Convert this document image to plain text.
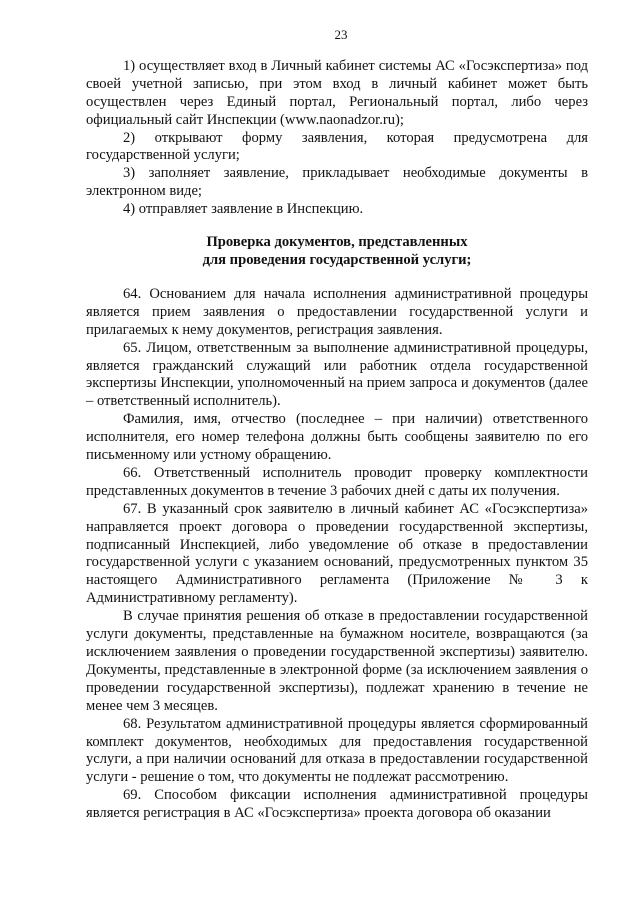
23

1) осуществляет вход в Личный кабинет системы АС «Госэкспертиза» под своей учетной записью, при этом вход в личный кабинет может быть осуществлен через Единый портал, Региональный портал, либо через официальный сайт Инспекции (www.naonadzor.ru);

2) открывают форму заявления, которая предусмотрена для государственной услуги;

3) заполняет заявление, прикладывает необходимые документы в электронном виде;

4) отправляет заявление в Инспекцию.

Проверка документов, представленных
для проведения государственной услуги;

64. Основанием для начала исполнения административной процедуры является прием заявления о предоставлении государственной услуги и прилагаемых к нему документов, регистрация заявления.

65. Лицом, ответственным за выполнение административной процедуры, является гражданский служащий или работник отдела государственной экспертизы Инспекции, уполномоченный на прием запроса и документов (далее – ответственный исполнитель).

Фамилия, имя, отчество (последнее – при наличии) ответственного исполнителя, его номер телефона должны быть сообщены заявителю по его письменному или устному обращению.

66. Ответственный исполнитель проводит проверку комплектности представленных документов в течение 3 рабочих дней с даты их получения.

67. В указанный срок заявителю в личный кабинет АС «Госэкспертиза» направляется проект договора о проведении государственной экспертизы, подписанный Инспекцией, либо уведомление об отказе в предоставлении государственной услуги с указанием оснований, предусмотренных пунктом 35 настоящего Административного регламента (Приложение № 3 к Административному регламенту).

В случае принятия решения об отказе в предоставлении государственной услуги документы, представленные на бумажном носителе, возвращаются (за исключением заявления о проведении государственной экспертизы) заявителю. Документы, представленные в электронной форме (за исключением заявления о проведении государственной экспертизы), подлежат хранению в течение не менее чем 3 месяцев.

68. Результатом административной процедуры является сформированный комплект документов, необходимых для предоставления государственной услуги, а при наличии оснований для отказа в предоставлении государственной услуги - решение о том, что документы не подлежат рассмотрению.

69. Способом фиксации исполнения административной процедуры является регистрация в АС «Госэкспертиза» проекта договора об оказании
